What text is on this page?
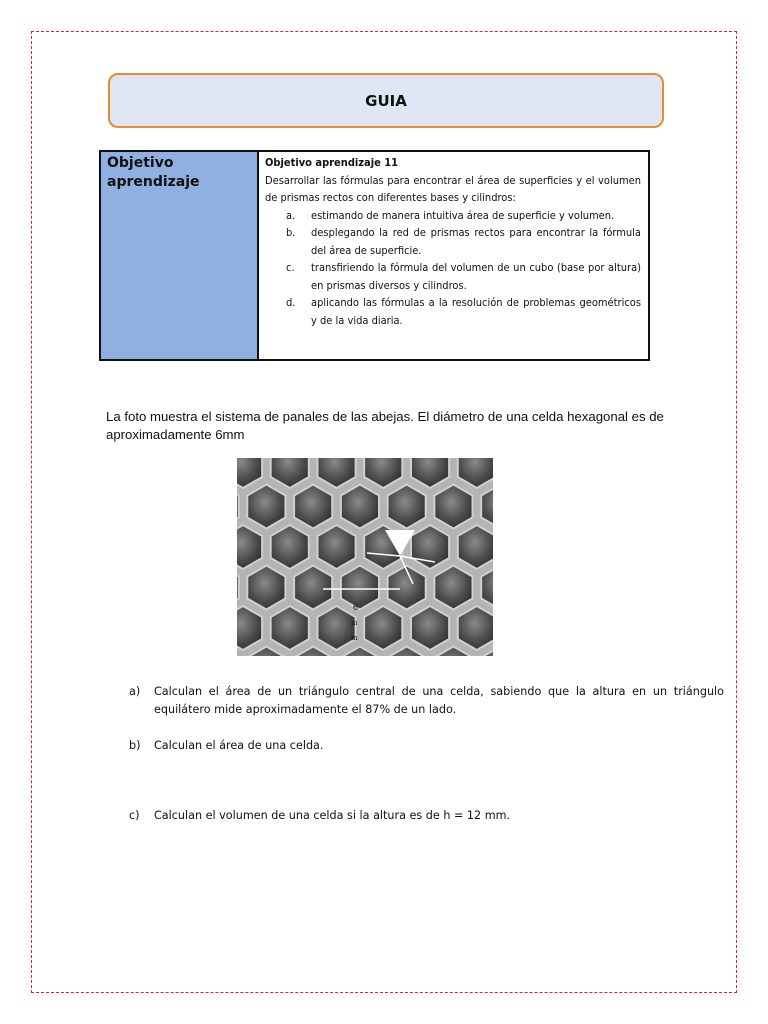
GUIA
Objetivo aprendizaje
Objetivo aprendizaje 11
Desarrollar las fórmulas para encontrar el área de superficies y el volumen de prismas rectos con diferentes bases y cilindros:
a.	estimando de manera intuitiva área de superficie y volumen.
b.	desplegando la red de prismas rectos para encontrar la fórmula del área de superficie.
c.	transfiriendo la fórmula del volumen de un cubo (base por altura) en prismas diversos y cilindros.
d.	aplicando las fórmulas a la resolución de problemas geométricos y de la vida diaria.
La foto muestra el sistema de panales de las abejas. El diámetro de una celda hexagonal es de aproximadamente 6mm
6
m
m
a)	Calculan el área de un triángulo central de una celda, sabiendo que la altura en un triángulo equilátero mide aproximadamente el 87% de un lado.
b)	Calculan el área de una celda.
c)	Calculan el volumen de una celda si la altura es de h = 12 mm.
